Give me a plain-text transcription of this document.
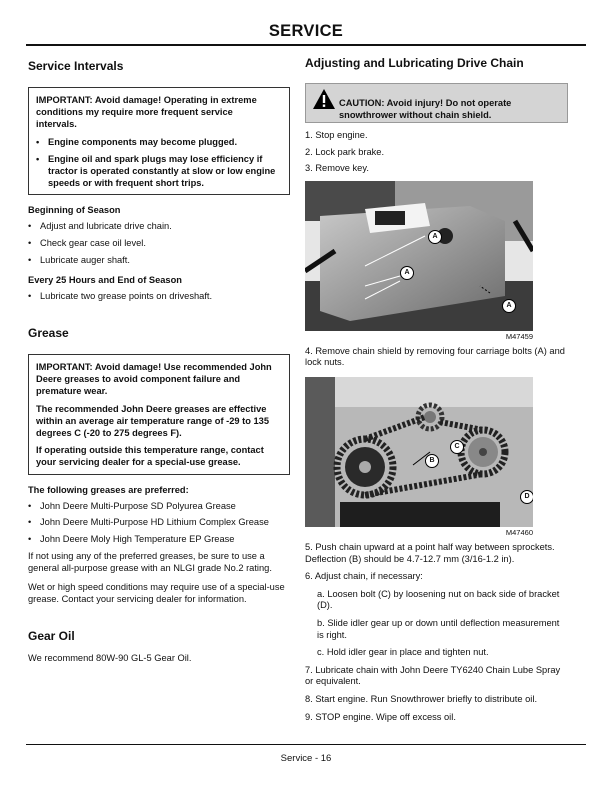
SERVICE
Service Intervals

IMPORTANT: Avoid damage! Operating in extreme
conditions my require more frequent service
intervals.

• Engine components may become plugged.

• Engine oil and spark plugs may lose efficiency if tractor is operated constantly at slow or low engine speeds or with frequent short trips.

Beginning of Season

• Adjust and lubricate drive chain.
• Check gear case oil level.
• Lubricate auger shaft.

Every 25 Hours and End of Season

• Lubricate two grease points on driveshaft.
Grease

IMPORTANT: Avoid damage! Use recommended John Deere greases to avoid component failure and premature wear.

The recommended John Deere greases are effective within an average air temperature range of -29 to 135 degrees C (-20 to 275 degrees F).

If operating outside this temperature range, contact your servicing dealer for a special-use grease.

The following greases are preferred:

• John Deere Multi-Purpose SD Polyurea Grease
• John Deere Multi-Purpose HD Lithium Complex Grease
• John Deere Moly High Temperature EP Grease

If not using any of the preferred greases, be sure to use a general all-purpose grease with an NLGI grade No.2 rating.

Wet or high speed conditions may require use of a special-use grease. Contact your servicing dealer for information.

Gear Oil

We recommend 80W-90 GL-5 Gear Oil.

Adjusting and Lubricating Drive Chain
CAUTION: Avoid injury! Do not operate
snowthrower without chain shield.

1. Stop engine.

2. Lock park brake.

3. Remove key.

A
A
A
M47459

4. Remove chain shield by removing four carriage bolts (A) and lock nuts.

C
B
D
M47460

5. Push chain upward at a point half way between sprockets. Deflection (B) should be 4.7-12.7 mm (3/16-1.2 in).

6. Adjust chain, if necessary:

a. Loosen bolt (C) by loosening nut on back side of bracket (D).

b. Slide idler gear up or down until deflection measurement is right.

c. Hold idler gear in place and tighten nut.

7. Lubricate chain with John Deere TY6240 Chain Lube Spray or equivalent.

8. Start engine. Run Snowthrower briefly to distribute oil.

9. STOP engine. Wipe off excess oil.

Service - 16
